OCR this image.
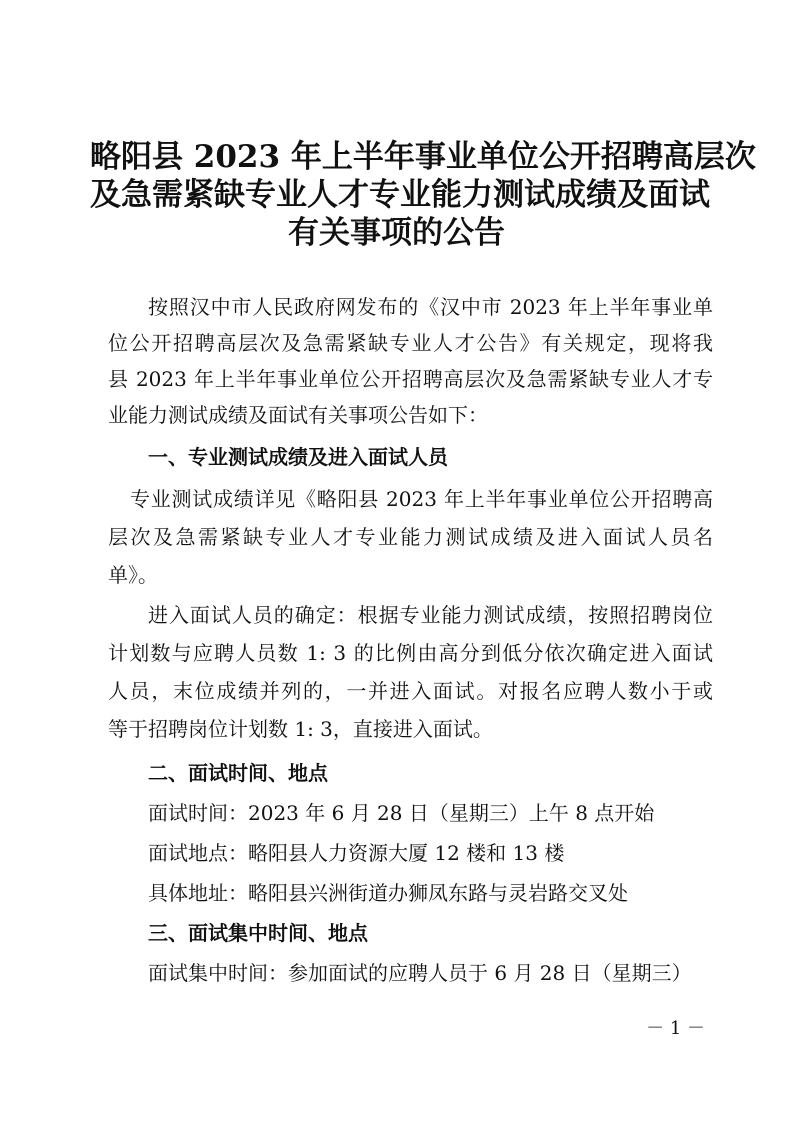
略阳县 2023 年上半年事业单位公开招聘高层次
及急需紧缺专业人才专业能力测试成绩及面试
有关事项的公告
按照汉中市人民政府网发布的《汉中市 2023 年上半年事业单
位公开招聘高层次及急需紧缺专业人才公告》有关规定，现将我
县 2023 年上半年事业单位公开招聘高层次及急需紧缺专业人才专
业能力测试成绩及面试有关事项公告如下：
一、专业测试成绩及进入面试人员
专业测试成绩详见《略阳县 2023 年上半年事业单位公开招聘高
层次及急需紧缺专业人才专业能力测试成绩及进入面试人员名
单》。
进入面试人员的确定：根据专业能力测试成绩，按照招聘岗位
计划数与应聘人员数 1: 3 的比例由高分到低分依次确定进入面试
人员，末位成绩并列的，一并进入面试。对报名应聘人数小于或
等于招聘岗位计划数 1: 3，直接进入面试。
二、面试时间、地点
面试时间：2023 年 6 月 28 日（星期三）上午 8 点开始
面试地点：略阳县人力资源大厦 12 楼和 13 楼
具体地址：略阳县兴洲街道办狮凤东路与灵岩路交叉处
三、面试集中时间、地点
面试集中时间：参加面试的应聘人员于 6 月 28 日（星期三）
－ 1 －
